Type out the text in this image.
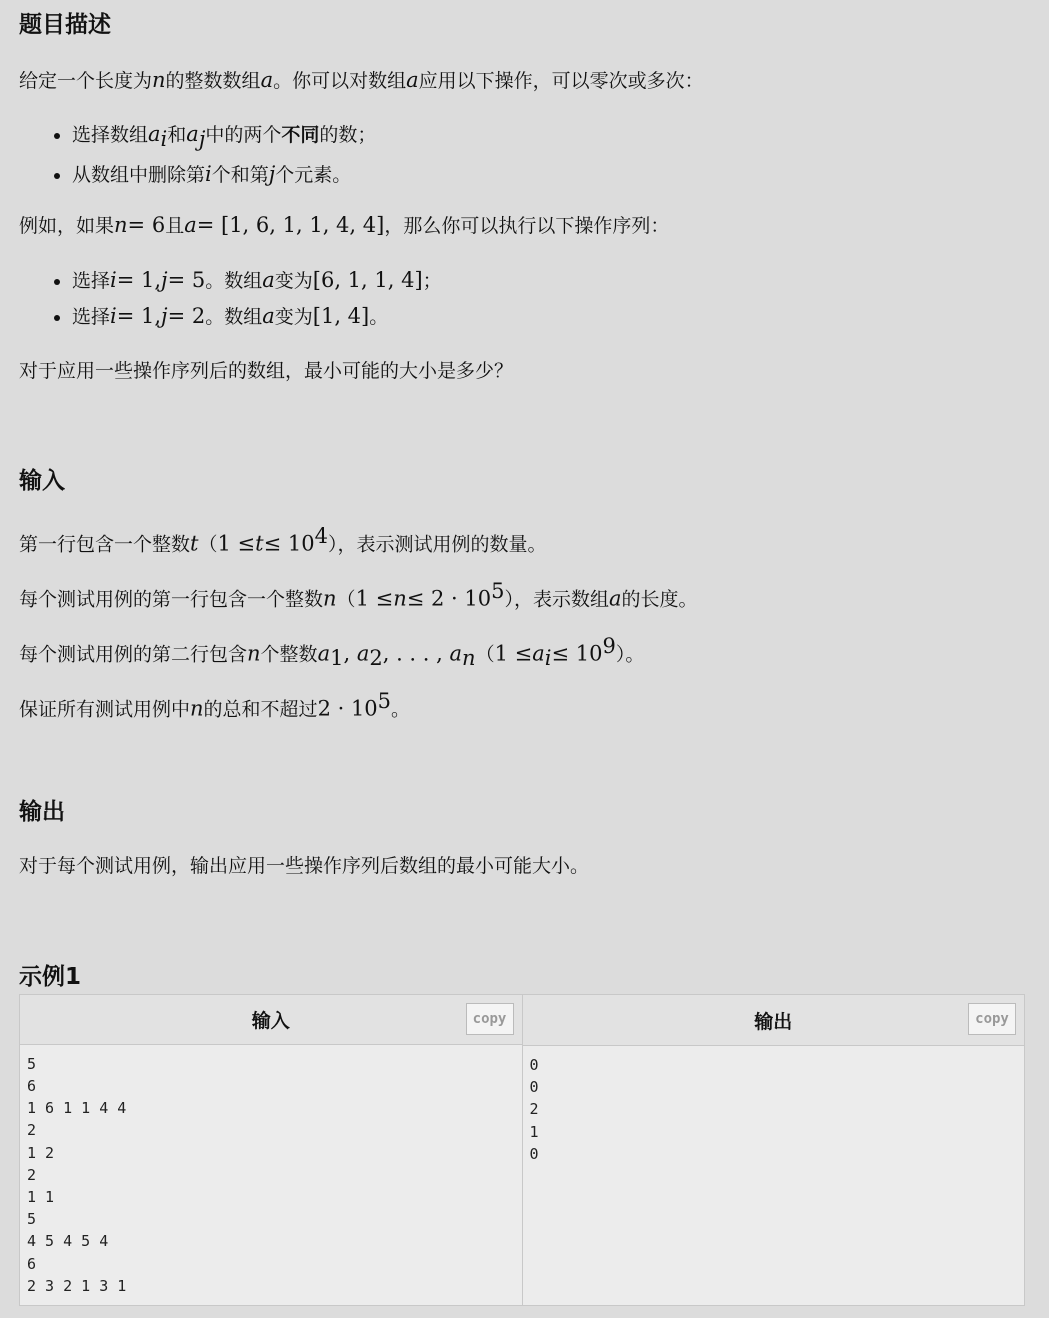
题目描述

给定一个长度为n的整数数组a。你可以对数组a应用以下操作，可以零次或多次：

• 选择数组$a_i$和$a_j$中的两个不同的数；
• 从数组中删除第i个和第j个元素。

例如，如果n= 6且a= [1, 6, 1, 1, 4, 4]，那么你可以执行以下操作序列：

• 选择i= 1,j= 5。数组a变为[6, 1, 1, 4]；
• 选择i= 1,j= 2。数组a变为[1, 4]。

对于应用一些操作序列后的数组，最小可能的大小是多少？

输入

第一行包含一个整数$t(1 \le t\le 10^4)$，表示测试用例的数量。

每个测试用例的第一行包含一个整数$n(1 \le n\le 2 \cdot 10^5)$，表示数组a的长度。

每个测试用例的第二行包含n个整数$a_1$, $a_2$, . . . , $a_n(1 \le a_i\le 10^9)$。

保证所有测试用例中n的总和不超过$2 \cdot 10^5$。

输出

对于每个测试用例，输出应用一些操作序列后数组的最小可能大小。

示例1
输入	copy
5
6
1 6 1 1 4 4
2
1 2
2
1 1
5
4 5 4 5 4
6
2 3 2 1 3 1
输出	copy
0
0
2
1
0
